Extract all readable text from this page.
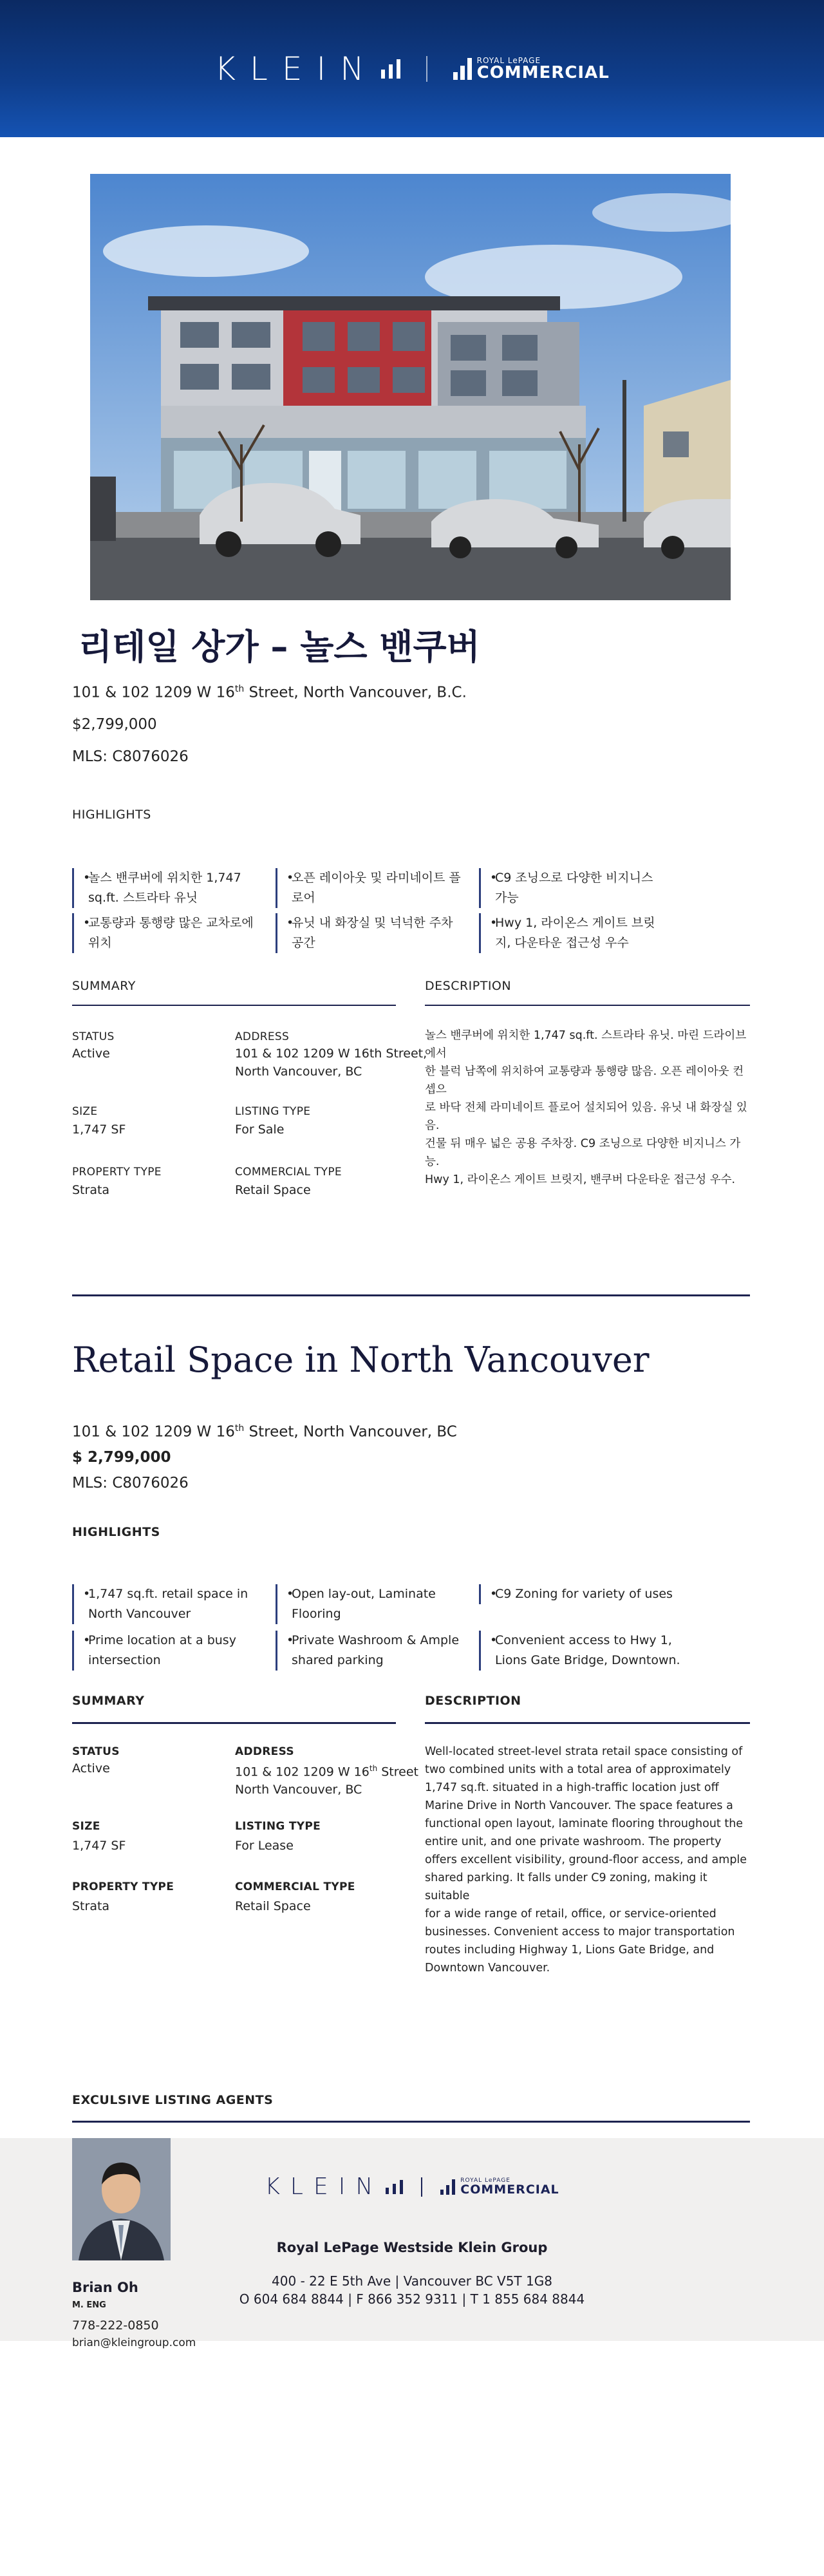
KLEIN	ROYAL LePAGE
COMMERCIAL
리테일 상가 – 놀스 밴쿠버
101 & 102 1209 W 16th Street, North Vancouver, B.C.
$2,799,000
MLS: C8076026
HIGHLIGHTS
•
놀스 밴쿠버에 위치한 1,747
sq.ft. 스트라타 유닛
•
오픈 레이아웃 및 라미네이트 플
로어
•
C9 조닝으로 다양한 비지니스
가능
•
교통량과 통행량 많은 교차로에
위치
•
유닛 내 화장실 및 넉넉한 주차
공간
•
Hwy 1, 라이온스 게이트 브릿
지, 다운타운 접근성 우수
SUMMARY	DESCRIPTION
STATUS
Active
ADDRESS
101 & 102 1209 W 16th Street,
North Vancouver, BC
SIZE
1,747 SF
LISTING TYPE
For Sale
PROPERTY TYPE
Strata
COMMERCIAL TYPE
Retail Space
놀스 밴쿠버에 위치한 1,747 sq.ft. 스트라타 유닛. 마린 드라이브에서
한 블럭 남쪽에 위치하여 교통량과 통행량 많음. 오픈 레이아웃 컨셉으
로 바닥 전체 라미네이트 플로어 설치되어 있음. 유닛 내 화장실 있음.
건물 뒤 매우 넓은 공용 주차장. C9 조닝으로 다양한 비지니스 가능.
Hwy 1, 라이온스 게이트 브릿지, 밴쿠버 다운타운 접근성 우수.
Retail Space in North Vancouver
101 & 102 1209 W 16th Street, North Vancouver, BC
$ 2,799,000
MLS: C8076026
HIGHLIGHTS
•
1,747 sq.ft. retail space in
North Vancouver
•
Open lay-out, Laminate
Flooring
•
C9 Zoning for variety of uses
•
Prime location at a busy
intersection
•
Private Washroom & Ample
shared parking
•
Convenient access to Hwy 1,
Lions Gate Bridge, Downtown.
SUMMARY	DESCRIPTION
STATUS
Active
ADDRESS
101 & 102 1209 W 16th Street
North Vancouver, BC
SIZE
1,747 SF
LISTING TYPE
For Lease
PROPERTY TYPE
Strata
COMMERCIAL TYPE
Retail Space
Well-located street-level strata retail space consisting of
two combined units with a total area of approximately
1,747 sq.ft. situated in a high-traffic location just off
Marine Drive in North Vancouver. The space features a
functional open layout, laminate flooring throughout the
entire unit, and one private washroom. The property
offers excellent visibility, ground-floor access, and ample
shared parking. It falls under C9 zoning, making it suitable
for a wide range of retail, office, or service-oriented
businesses. Convenient access to major transportation
routes including Highway 1, Lions Gate Bridge, and
Downtown Vancouver.
EXCULSIVE LISTING AGENTS
Brian Oh
M. ENG
778-222-0850
brian@kleingroup.com
KLEIN	ROYAL LePAGE
COMMERCIAL
Royal LePage Westside Klein Group
400 - 22 E 5th Ave | Vancouver BC V5T 1G8
O 604 684 8844 | F 866 352 9311 | T 1 855 684 8844
